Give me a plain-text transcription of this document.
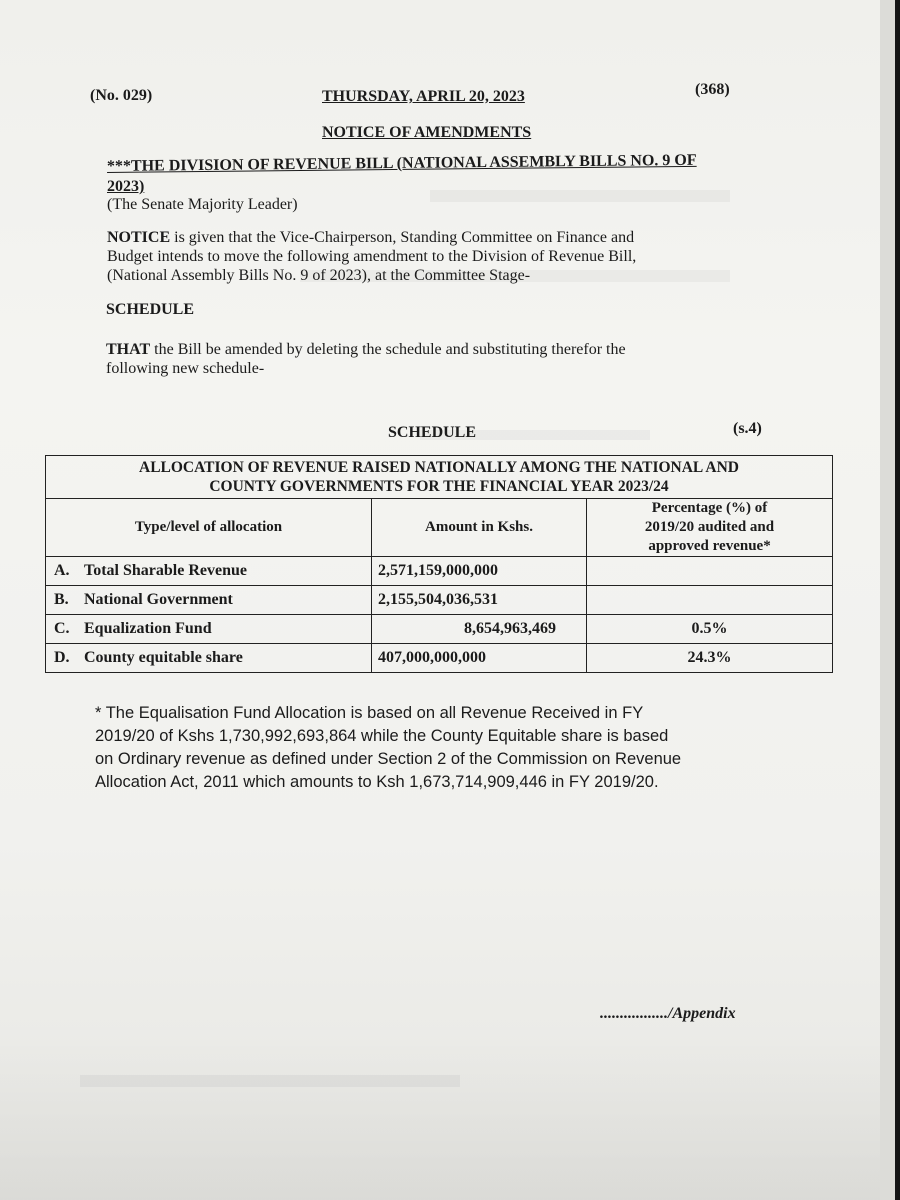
(No. 029)	THURSDAY, APRIL 20, 2023	(368)
NOTICE OF AMENDMENTS
***THE DIVISION OF REVENUE BILL (NATIONAL ASSEMBLY BILLS NO. 9 OF
2023)
(The Senate Majority Leader)
NOTICE is given that the Vice-Chairperson, Standing Committee on Finance and
Budget intends to move the following amendment to the Division of Revenue Bill,
(National Assembly Bills No. 9 of 2023), at the Committee Stage-
SCHEDULE
THAT the Bill be amended by deleting the schedule and substituting therefor the
following new schedule-
SCHEDULE	(s.4)
ALLOCATION OF REVENUE RAISED NATIONALLY AMONG THE NATIONAL AND
COUNTY GOVERNMENTS FOR THE FINANCIAL YEAR 2023/24		

Type/level of allocation	Amount in Kshs.	Percentage (%) of
2019/20 audited and
approved revenue*

A. Total Sharable Revenue	2,571,159,000,000	
B. National Government	2,155,504,036,531	
C. Equalization Fund	8,654,963,469	0.5%
D. County equitable share	407,000,000,000	24.3%
* The Equalisation Fund Allocation is based on all Revenue Received in FY
2019/20 of Kshs 1,730,992,693,864 while the County Equitable share is based
on Ordinary revenue as defined under Section 2 of the Commission on Revenue
Allocation Act, 2011 which amounts to Ksh 1,673,714,909,446 in FY 2019/20.
................./Appendix
